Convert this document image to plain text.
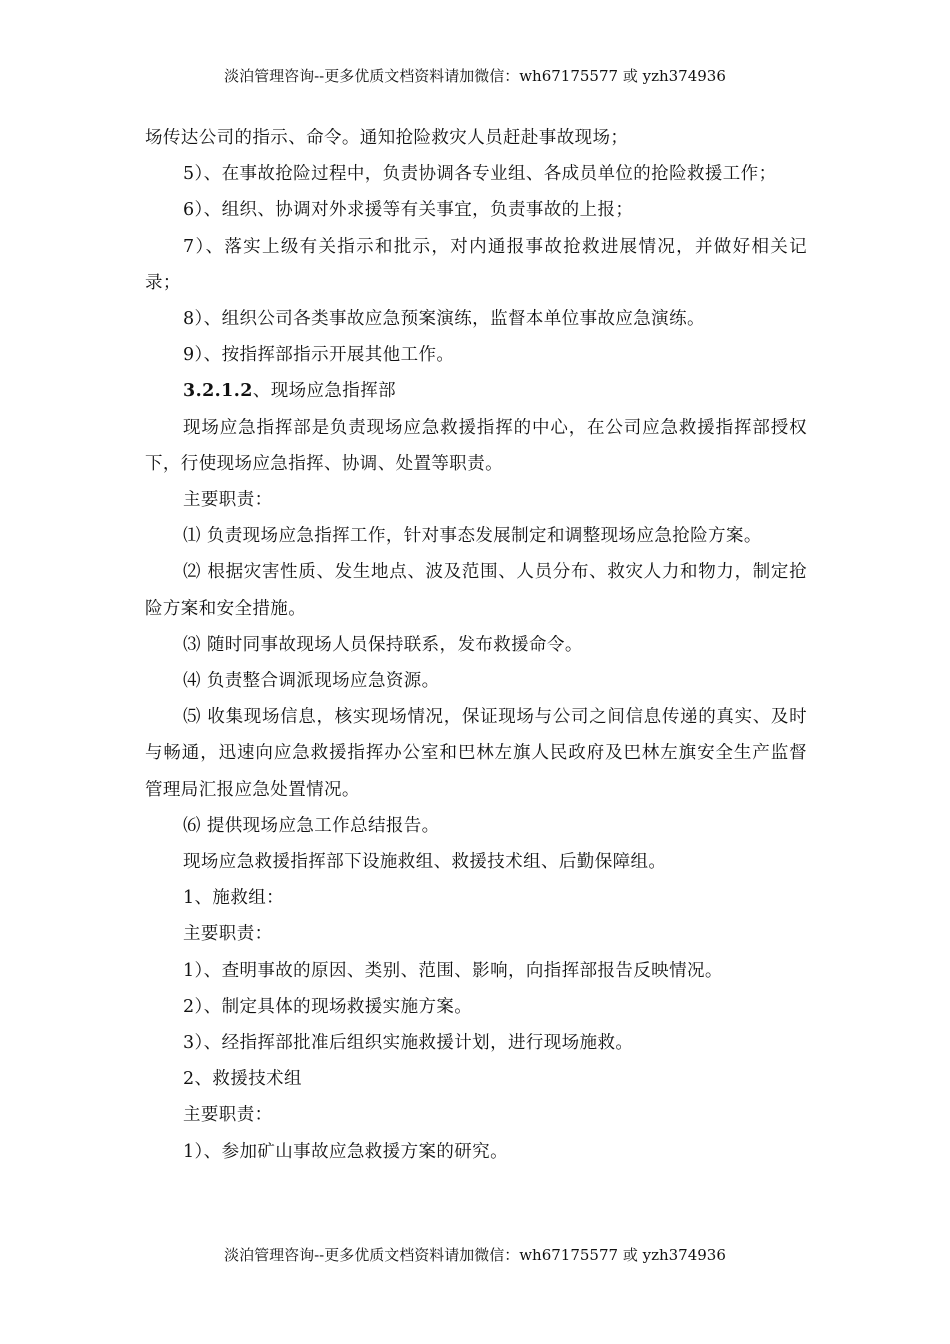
淡泊管理咨询--更多优质文档资料请加微信：wh67175577 或 yzh374936

场传达公司的指示、命令。通知抢险救灾人员赶赴事故现场；

5）、在事故抢险过程中，负责协调各专业组、各成员单位的抢险救援工作；

6）、组织、协调对外求援等有关事宜，负责事故的上报；

7）、落实上级有关指示和批示，对内通报事故抢救进展情况，并做好相关记录；

8）、组织公司各类事故应急预案演练，监督本单位事故应急演练。

9）、按指挥部指示开展其他工作。

3.2.1.2、现场应急指挥部

现场应急指挥部是负责现场应急救援指挥的中心，在公司应急救援指挥部授权下，行使现场应急指挥、协调、处置等职责。

主要职责：

⑴ 负责现场应急指挥工作，针对事态发展制定和调整现场应急抢险方案。

⑵ 根据灾害性质、发生地点、波及范围、人员分布、救灾人力和物力，制定抢险方案和安全措施。

⑶ 随时同事故现场人员保持联系，发布救援命令。

⑷ 负责整合调派现场应急资源。

⑸ 收集现场信息，核实现场情况，保证现场与公司之间信息传递的真实、及时与畅通，迅速向应急救援指挥办公室和巴林左旗人民政府及巴林左旗安全生产监督管理局汇报应急处置情况。

⑹ 提供现场应急工作总结报告。

现场应急救援指挥部下设施救组、救援技术组、后勤保障组。

1、施救组：

主要职责：

1）、查明事故的原因、类别、范围、影响，向指挥部报告反映情况。

2）、制定具体的现场救援实施方案。

3）、经指挥部批准后组织实施救援计划，进行现场施救。

2、救援技术组

主要职责：

1）、参加矿山事故应急救援方案的研究。

淡泊管理咨询--更多优质文档资料请加微信：wh67175577 或 yzh374936
